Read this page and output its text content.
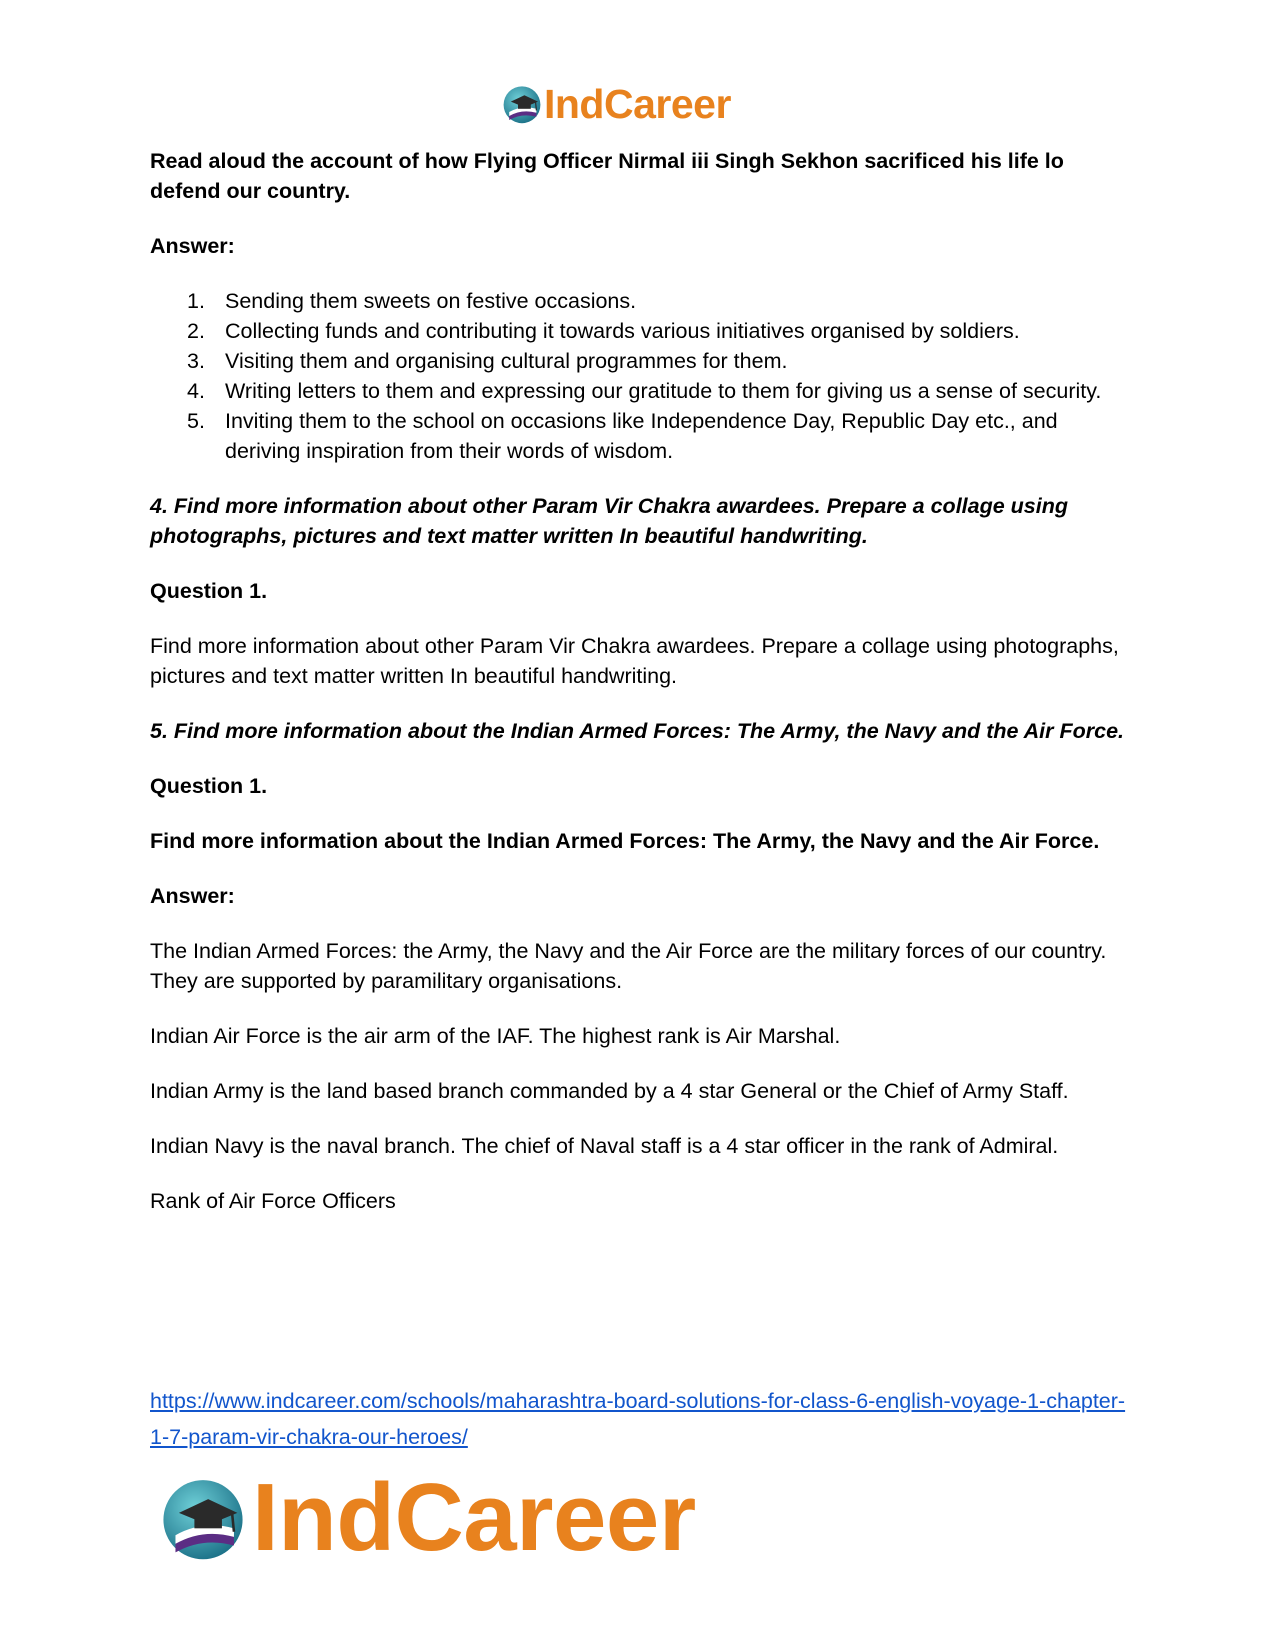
IndCareer

Read aloud the account of how Flying Officer Nirmal iii Singh Sekhon sacrificed his life lo defend our country.

Answer:

1. Sending them sweets on festive occasions.
2. Collecting funds and contributing it towards various initiatives organised by soldiers.
3. Visiting them and organising cultural programmes for them.
4. Writing letters to them and expressing our gratitude to them for giving us a sense of security.
5. Inviting them to the school on occasions like Independence Day, Republic Day etc., and deriving inspiration from their words of wisdom.

4. Find more information about other Param Vir Chakra awardees. Prepare a collage using photographs, pictures and text matter written In beautiful handwriting.

Question 1.

Find more information about other Param Vir Chakra awardees. Prepare a collage using photographs, pictures and text matter written In beautiful handwriting.

5. Find more information about the Indian Armed Forces: The Army, the Navy and the Air Force.

Question 1.

Find more information about the Indian Armed Forces: The Army, the Navy and the Air Force.

Answer:

The Indian Armed Forces: the Army, the Navy and the Air Force are the military forces of our country. They are supported by paramilitary organisations.

Indian Air Force is the air arm of the IAF. The highest rank is Air Marshal.

Indian Army is the land based branch commanded by a 4 star General or the Chief of Army Staff.

Indian Navy is the naval branch. The chief of Naval staff is a 4 star officer in the rank of Admiral.

Rank of Air Force Officers

https://www.indcareer.com/schools/maharashtra-board-solutions-for-class-6-english-voyage-1-chapter-1-7-param-vir-chakra-our-heroes/
IndCareer
